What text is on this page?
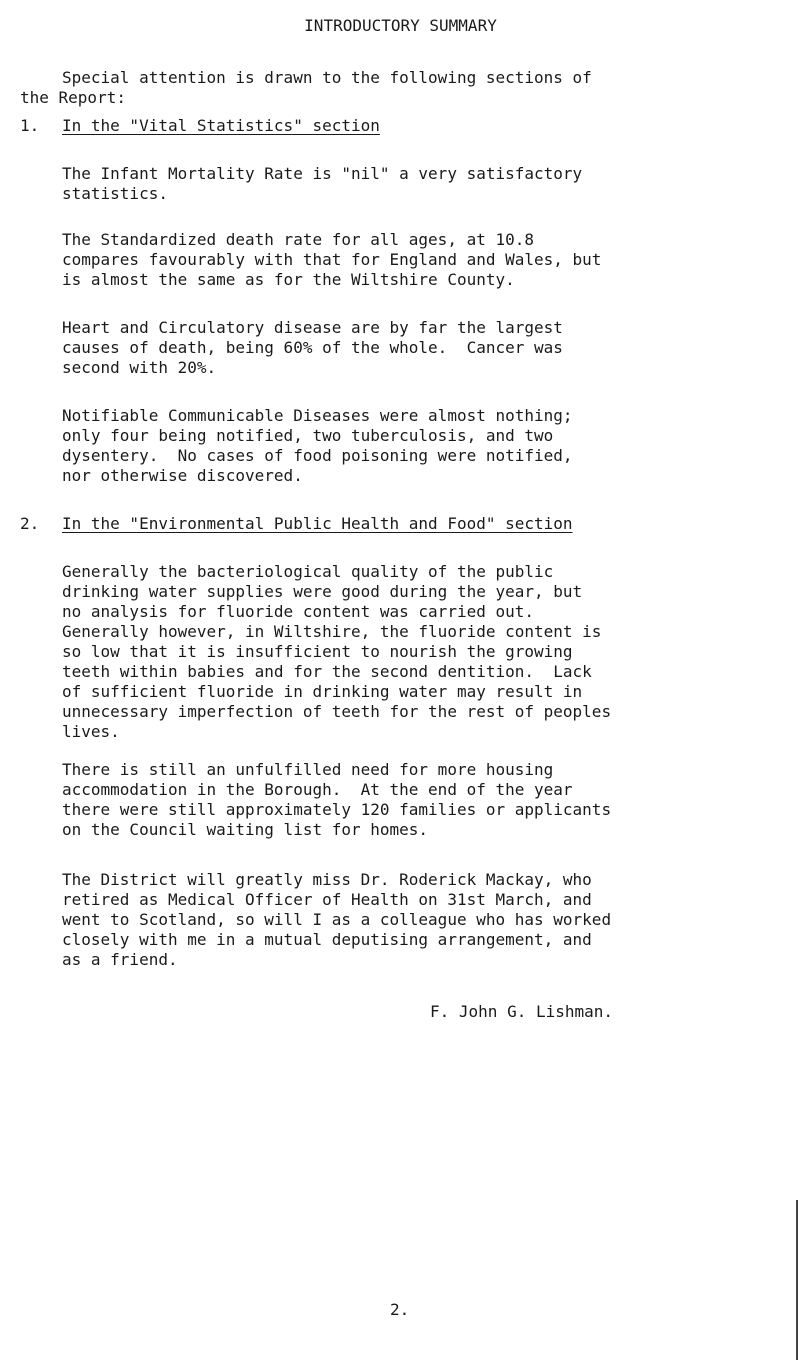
INTRODUCTORY SUMMARY
Special attention is drawn to the following sections of
the Report:
1. In the "Vital Statistics" section
The Infant Mortality Rate is "nil" a very satisfactory
statistics.
The Standardized death rate for all ages, at 10.8
compares favourably with that for England and Wales, but
is almost the same as for the Wiltshire County.
Heart and Circulatory disease are by far the largest
causes of death, being 60% of the whole.  Cancer was
second with 20%.
Notifiable Communicable Diseases were almost nothing;
only four being notified, two tuberculosis, and two
dysentery.  No cases of food poisoning were notified,
nor otherwise discovered.
2. In the "Environmental Public Health and Food" section
Generally the bacteriological quality of the public
drinking water supplies were good during the year, but
no analysis for fluoride content was carried out.
Generally however, in Wiltshire, the fluoride content is
so low that it is insufficient to nourish the growing
teeth within babies and for the second dentition.  Lack
of sufficient fluoride in drinking water may result in
unnecessary imperfection of teeth for the rest of peoples
lives.
There is still an unfulfilled need for more housing
accommodation in the Borough.  At the end of the year
there were still approximately 120 families or applicants
on the Council waiting list for homes.
The District will greatly miss Dr. Roderick Mackay, who
retired as Medical Officer of Health on 31st March, and
went to Scotland, so will I as a colleague who has worked
closely with me in a mutual deputising arrangement, and
as a friend.
F. John G. Lishman.
2.
